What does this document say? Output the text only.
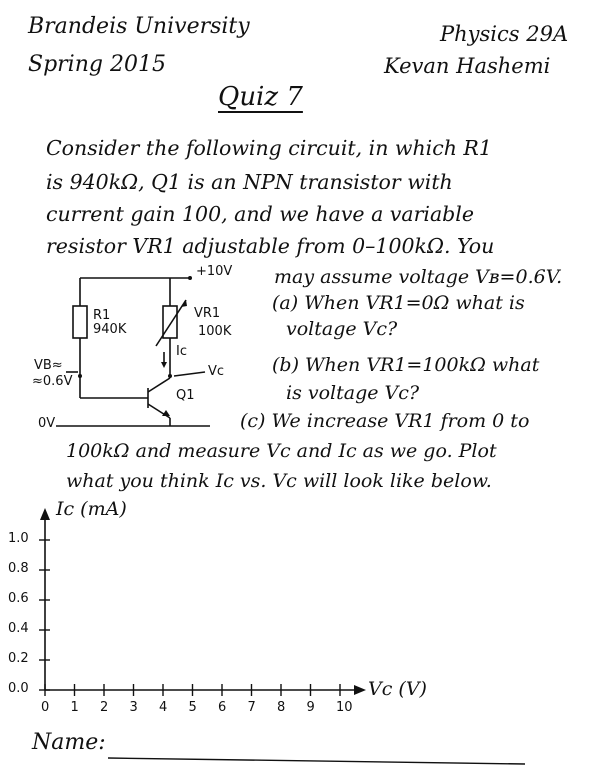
Brandeis University
Spring 2015
Physics 29A
Kevan Hashemi
Quiz 7
Consider the following circuit, in which R1
is 940kΩ, Q1 is an NPN transistor with
current gain 100, and we have a variable
resistor VR1 adjustable from 0–100kΩ. You
may assume voltage Vʙ=0.6V.
(a) When VR1=0Ω what is
voltage Vc?
(b) When VR1=100kΩ what
is voltage Vc?
(c) We increase VR1 from 0 to
100kΩ and measure Vc and Ic as we go. Plot
what you think Ic vs. Vc will look like below.
+10V
R1
940K
VR1
100K
Ic
Vc
VB≈
≈0.6V
Q1
0V
Ic (mA)
Vc (V)
1.0
0.8
0.6
0.4
0.2
0.0
0 1 2 3 4 5 6 7 8 9 10
Name:
